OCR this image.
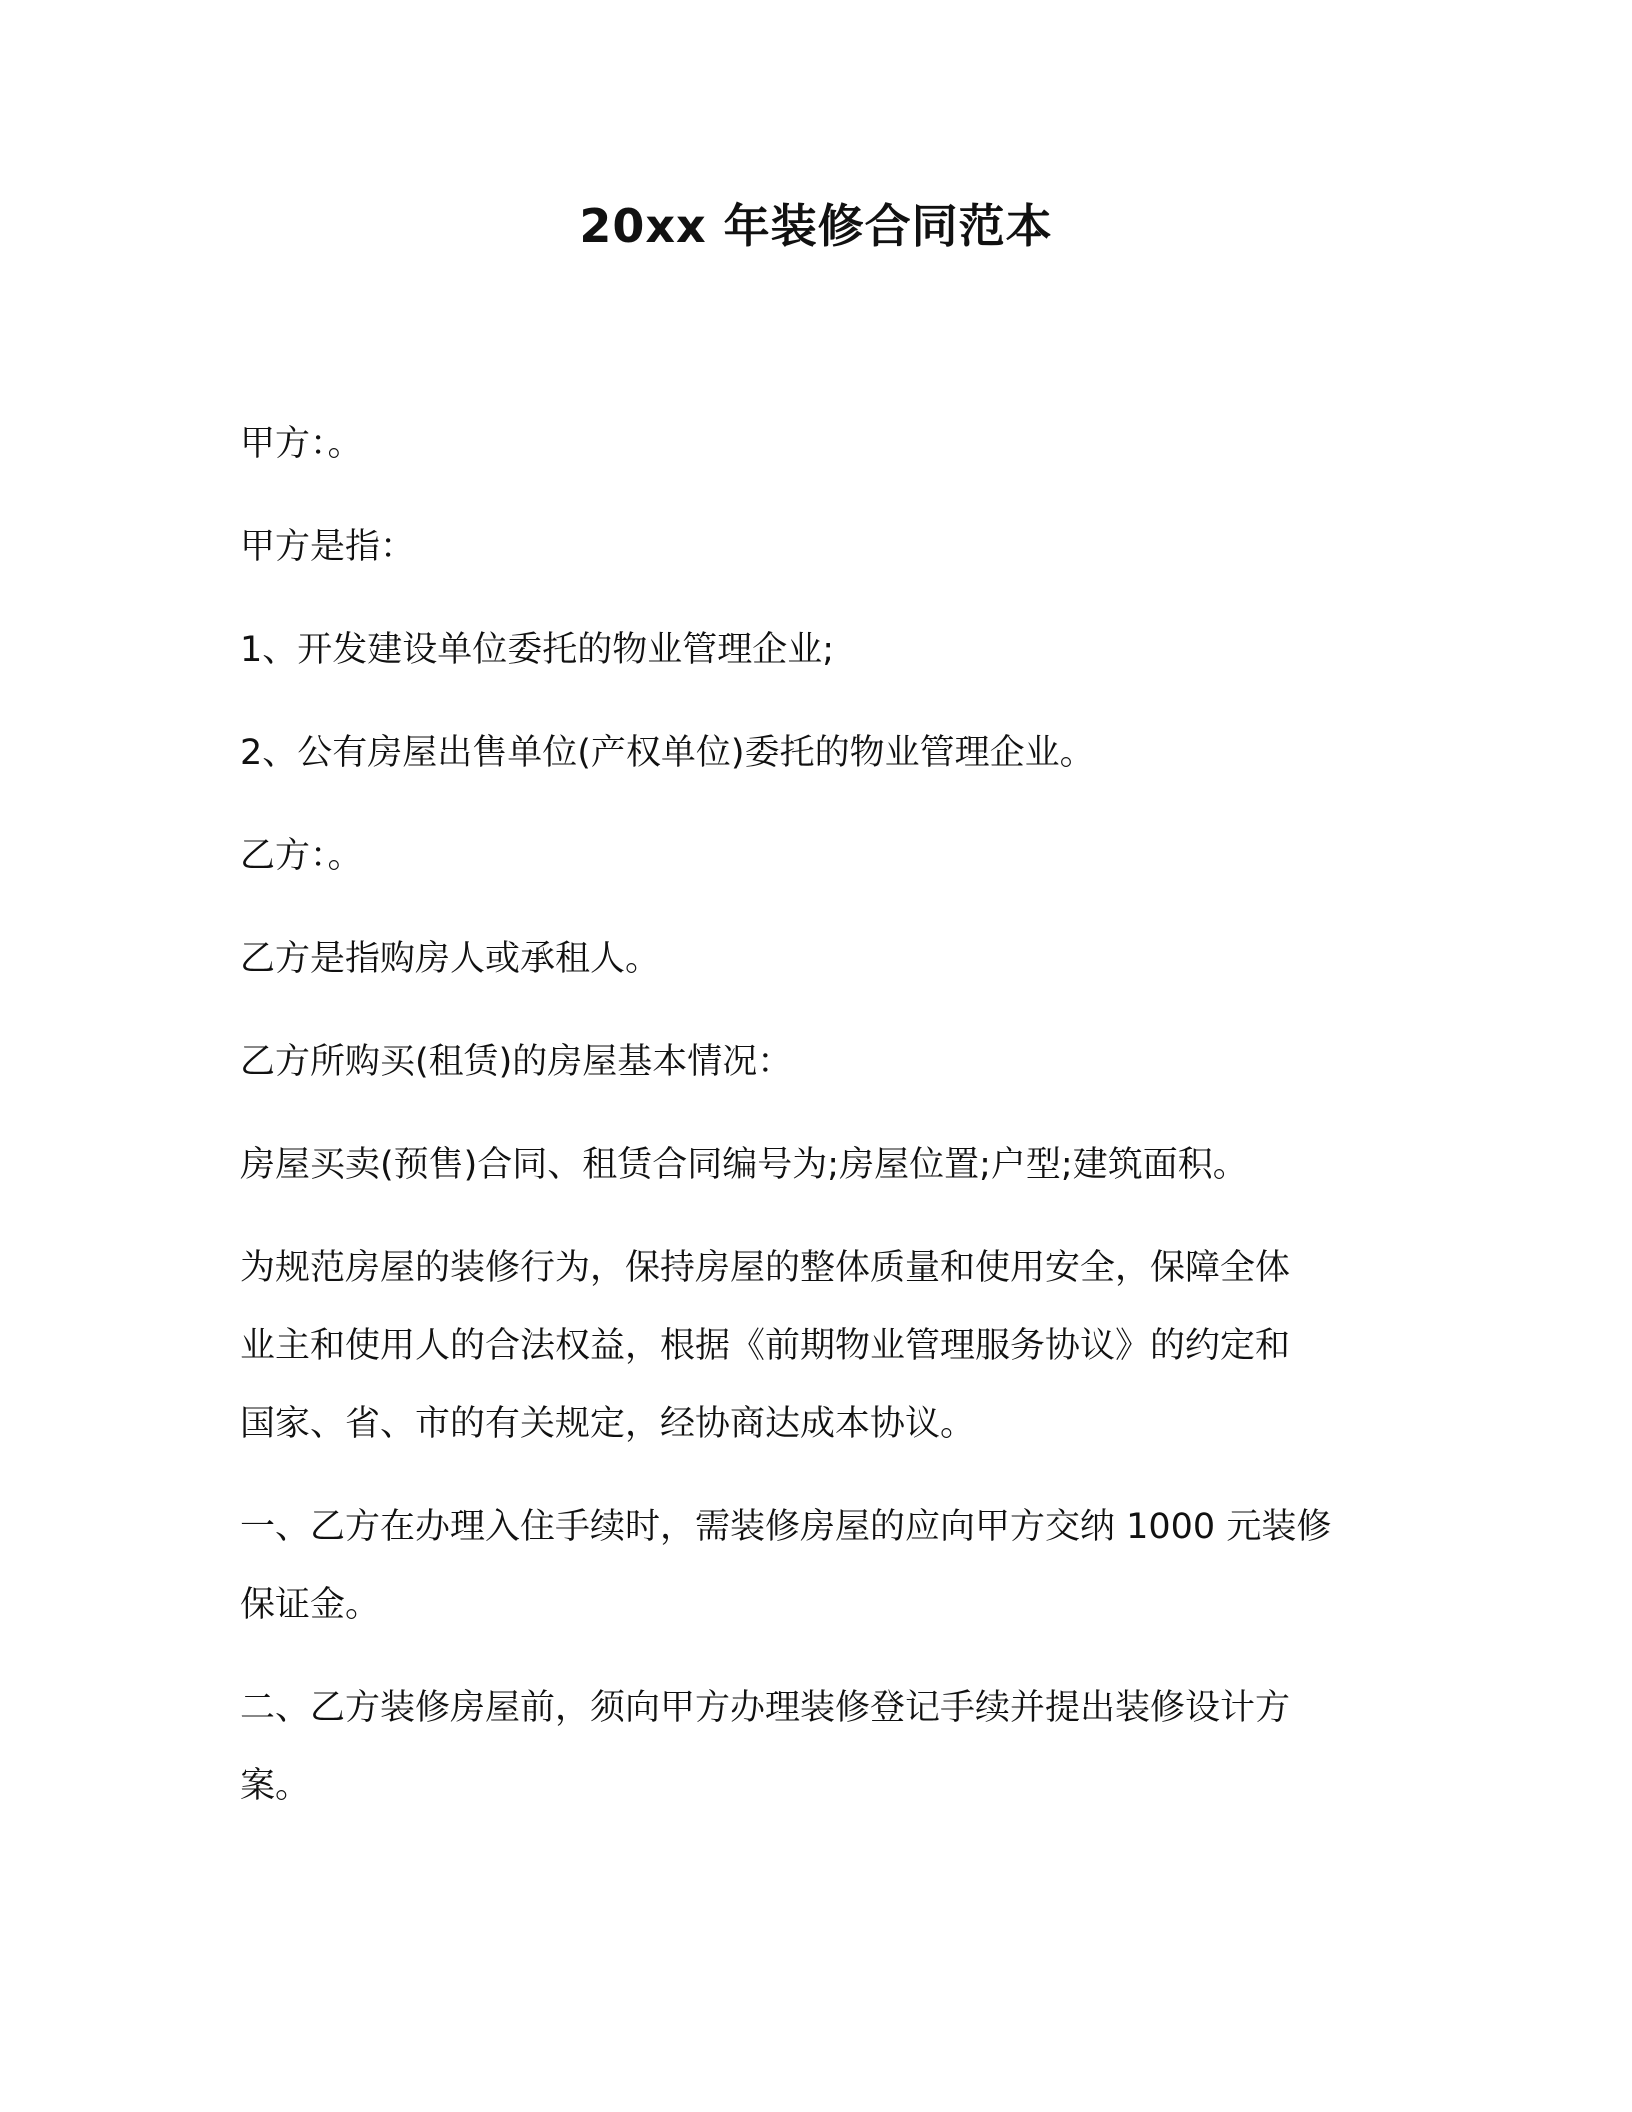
20xx 年装修合同范本

甲方：。

甲方是指：

1、开发建设单位委托的物业管理企业;

2、公有房屋出售单位(产权单位)委托的物业管理企业。

乙方：。

乙方是指购房人或承租人。

乙方所购买(租赁)的房屋基本情况：

房屋买卖(预售)合同、租赁合同编号为;房屋位置;户型;建筑面积。

为规范房屋的装修行为，保持房屋的整体质量和使用安全，保障全体

业主和使用人的合法权益，根据《前期物业管理服务协议》的约定和

国家、省、市的有关规定，经协商达成本协议。

一、乙方在办理入住手续时，需装修房屋的应向甲方交纳 1000 元装修

保证金。

二、乙方装修房屋前，须向甲方办理装修登记手续并提出装修设计方

案。
